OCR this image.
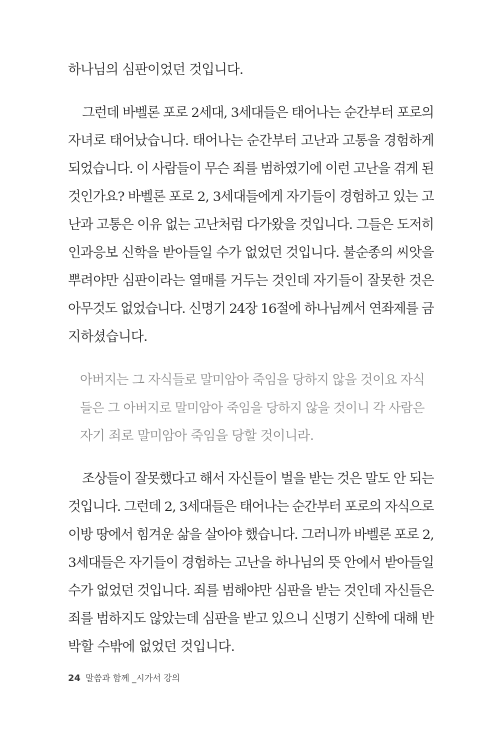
하나님의 심판이었던 것입니다.
그런데 바벨론 포로 2세대, 3세대들은 태어나는 순간부터 포로의
자녀로 태어났습니다. 태어나는 순간부터 고난과 고통을 경험하게
되었습니다. 이 사람들이 무슨 죄를 범하였기에 이런 고난을 겪게 된
것인가요? 바벨론 포로 2, 3세대들에게 자기들이 경험하고 있는 고
난과 고통은 이유 없는 고난처럼 다가왔을 것입니다. 그들은 도저히
인과응보 신학을 받아들일 수가 없었던 것입니다. 불순종의 씨앗을
뿌려야만 심판이라는 열매를 거두는 것인데 자기들이 잘못한 것은
아무것도 없었습니다. 신명기 24장 16절에 하나님께서 연좌제를 금
지하셨습니다.
아버지는 그 자식들로 말미암아 죽임을 당하지 않을 것이요 자식
들은 그 아버지로 말미암아 죽임을 당하지 않을 것이니 각 사람은
자기 죄로 말미암아 죽임을 당할 것이니라.
조상들이 잘못했다고 해서 자신들이 벌을 받는 것은 말도 안 되는
것입니다. 그런데 2, 3세대들은 태어나는 순간부터 포로의 자식으로
이방 땅에서 힘겨운 삶을 살아야 했습니다. 그러니까 바벨론 포로 2,
3세대들은 자기들이 경험하는 고난을 하나님의 뜻 안에서 받아들일
수가 없었던 것입니다. 죄를 범해야만 심판을 받는 것인데 자신들은
죄를 범하지도 않았는데 심판을 받고 있으니 신명기 신학에 대해 반
박할 수밖에 없었던 것입니다.
24 말씀과 함께 _시가서 강의
